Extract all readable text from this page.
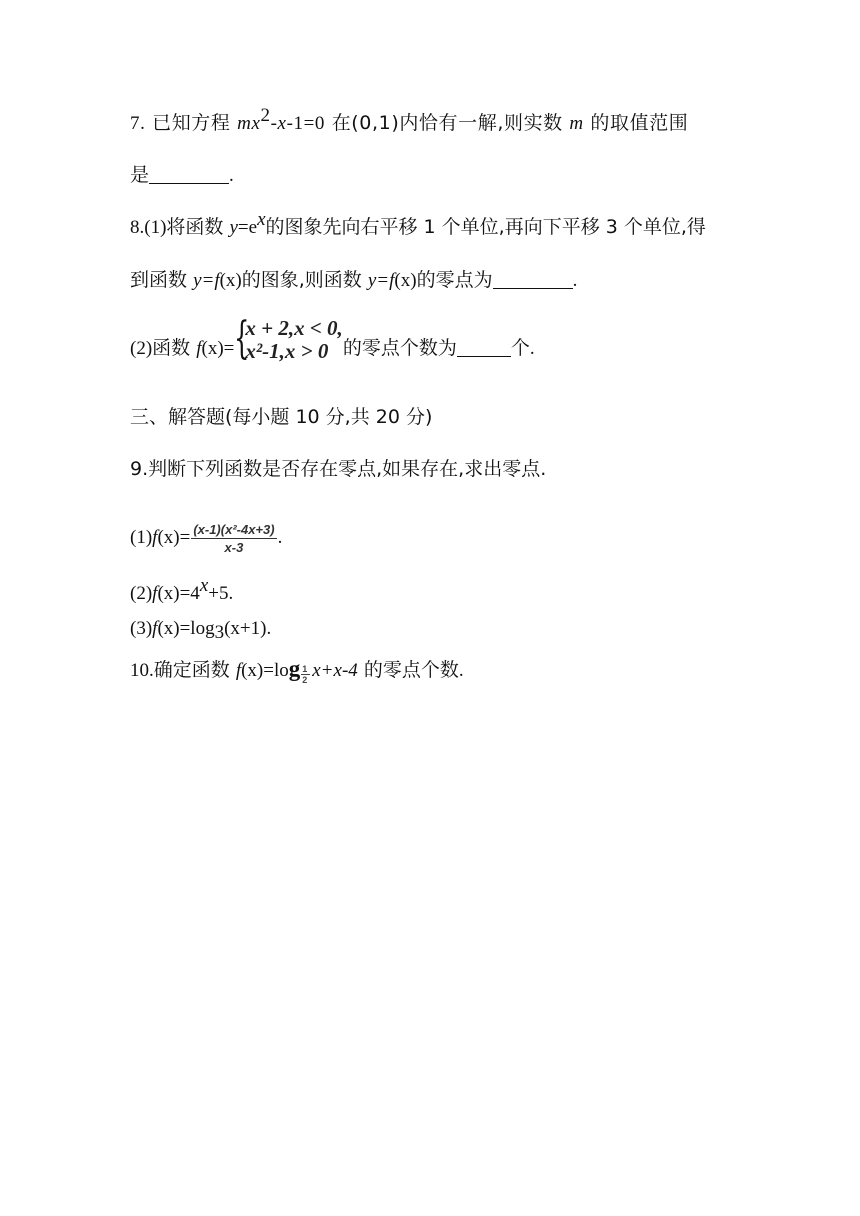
7. 已知方程 $mx^2-x-1=0$ 在(0,1)内恰有一解,则实数 m 的取值范围
是	.
8.(1)将函数 $y=e^x$的图象先向右平移 1 个单位,再向下平移 3 个单位,得
到函数 y=f(x)的图象,则函数 y=f(x)的零点为	.
(2)函数 f(x)= {
x + 2,x < 0,
x²-1,x > 0 的零点个数为	个.
三、解答题(每小题 10 分,共 20 分)
9.判断下列函数是否存在零点,如果存在,求出零点.
$(1)f(x)= \frac{\text{(x-1)(x²-4x+3)}}{x-3}$ .
$(2)f(x)=4^x+5$.
$(3)f(x)=\log_3(x+1)$.
10.确定函数 $f(x)=\log \frac{1}{2} x+x-4$ 的零点个数.
